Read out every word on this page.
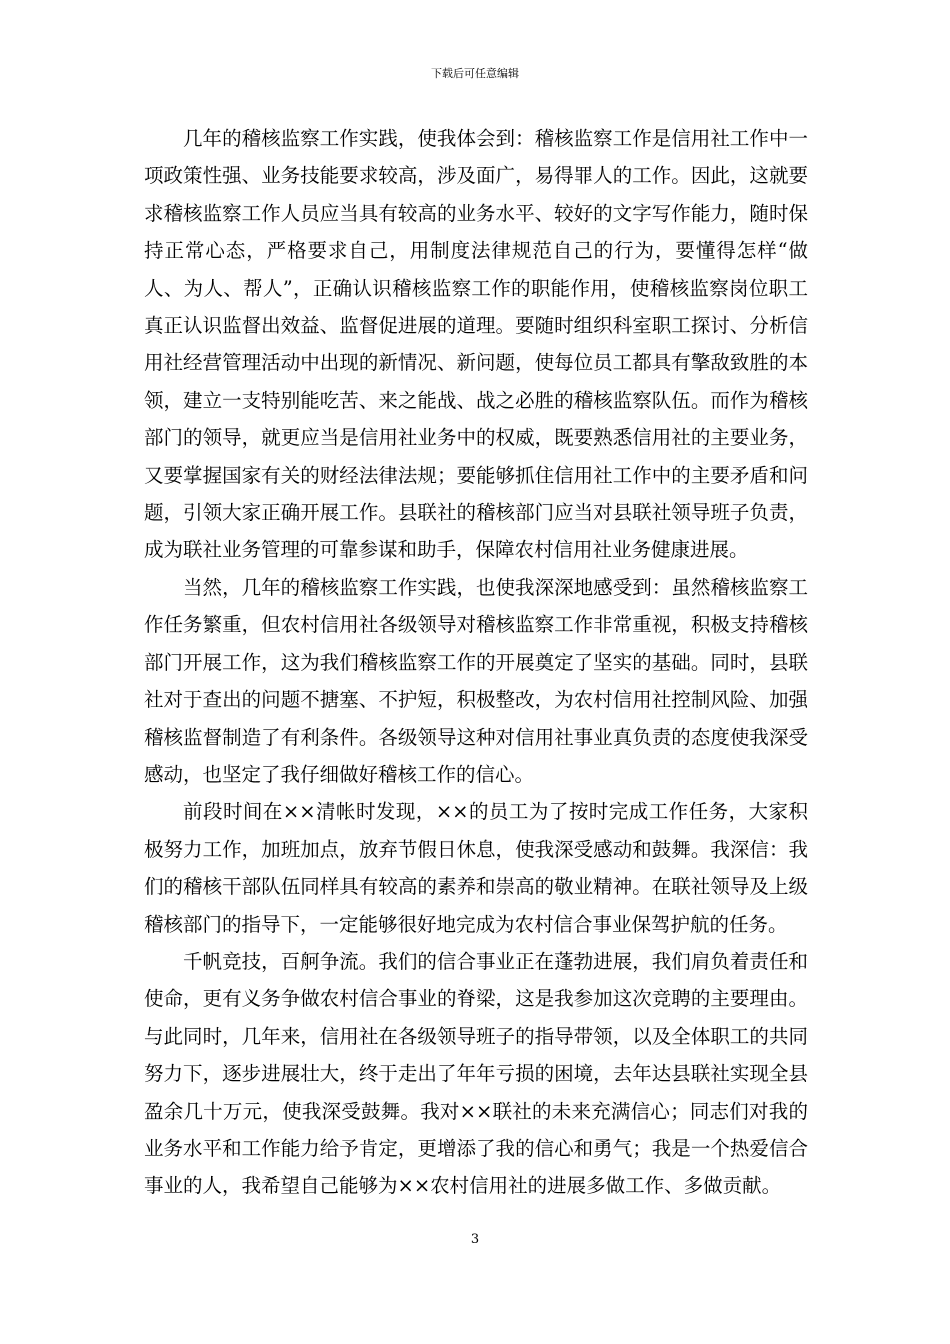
下载后可任意编辑

几年的稽核监察工作实践，使我体会到：稽核监察工作是信用社工作中一项政策性强、业务技能要求较高，涉及面广，易得罪人的工作。因此，这就要求稽核监察工作人员应当具有较高的业务水平、较好的文字写作能力，随时保持正常心态，严格要求自己，用制度法律规范自己的行为，要懂得怎样“做人、为人、帮人”，正确认识稽核监察工作的职能作用，使稽核监察岗位职工真正认识监督出效益、监督促进展的道理。要随时组织科室职工探讨、分析信用社经营管理活动中出现的新情况、新问题，使每位员工都具有擎敌致胜的本领，建立一支特别能吃苦、来之能战、战之必胜的稽核监察队伍。而作为稽核部门的领导，就更应当是信用社业务中的权威，既要熟悉信用社的主要业务，又要掌握国家有关的财经法律法规；要能够抓住信用社工作中的主要矛盾和问题，引领大家正确开展工作。县联社的稽核部门应当对县联社领导班子负责，成为联社业务管理的可靠参谋和助手，保障农村信用社业务健康进展。

当然，几年的稽核监察工作实践，也使我深深地感受到：虽然稽核监察工作任务繁重，但农村信用社各级领导对稽核监察工作非常重视，积极支持稽核部门开展工作，这为我们稽核监察工作的开展奠定了坚实的基础。同时，县联社对于查出的问题不搪塞、不护短，积极整改，为农村信用社控制风险、加强稽核监督制造了有利条件。各级领导这种对信用社事业真负责的态度使我深受感动，也坚定了我仔细做好稽核工作的信心。

前段时间在××清帐时发现，××的员工为了按时完成工作任务，大家积极努力工作，加班加点，放弃节假日休息，使我深受感动和鼓舞。我深信：我们的稽核干部队伍同样具有较高的素养和崇高的敬业精神。在联社领导及上级稽核部门的指导下，一定能够很好地完成为农村信合事业保驾护航的任务。

千帆竞技，百舸争流。我们的信合事业正在蓬勃进展，我们肩负着责任和使命，更有义务争做农村信合事业的脊梁，这是我参加这次竞聘的主要理由。与此同时，几年来，信用社在各级领导班子的指导带领，以及全体职工的共同努力下，逐步进展壮大，终于走出了年年亏损的困境，去年达县联社实现全县盈余几十万元，使我深受鼓舞。我对××联社的未来充满信心；同志们对我的业务水平和工作能力给予肯定，更增添了我的信心和勇气；我是一个热爱信合事业的人，我希望自己能够为××农村信用社的进展多做工作、多做贡献。

3
